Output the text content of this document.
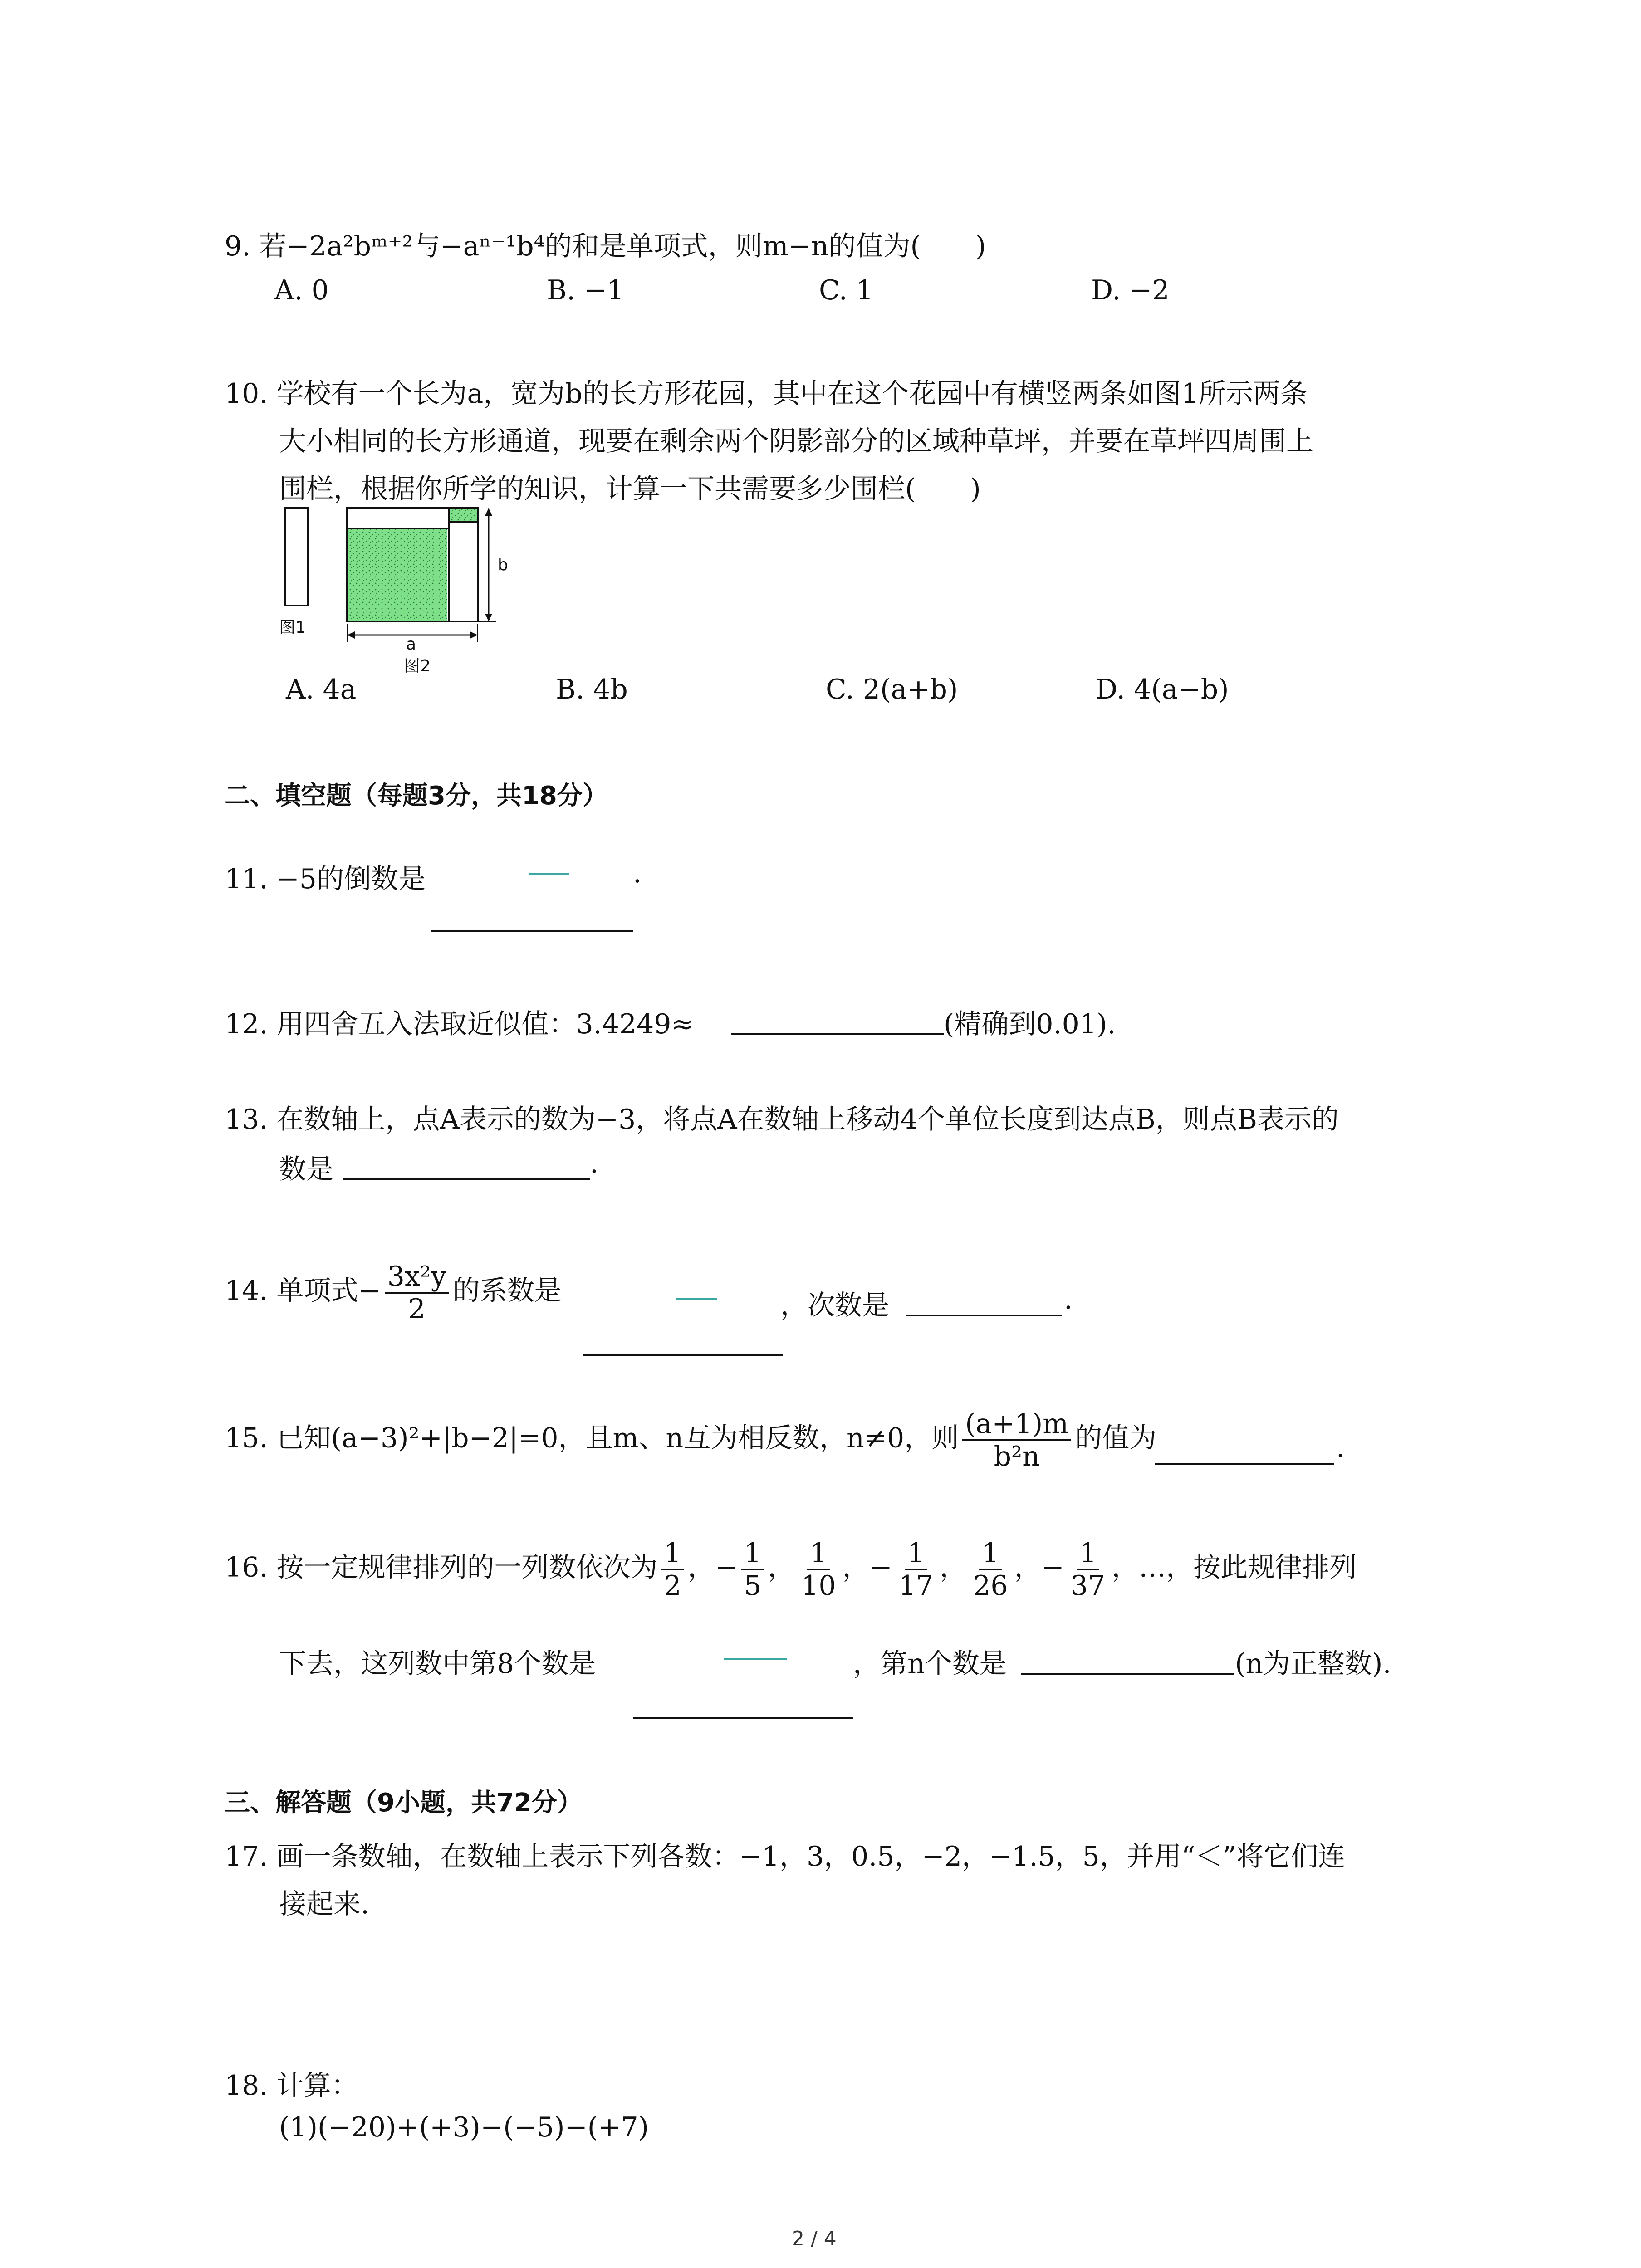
9. 若−2a²bᵐ⁺²与−aⁿ⁻¹b⁴的和是单项式，则m−n的值为(　　)
A. 0	B. −1	C. 1	D. −2
10. 学校有一个长为a，宽为b的长方形花园，其中在这个花园中有横竖两条如图1所示两条
大小相同的长方形通道，现要在剩余两个阴影部分的区域种草坪，并要在草坪四周围上
围栏，根据你所学的知识，计算一下共需要多少围栏(　　)
b
a
图1
图2
A. 4a	B. 4b	C. 2(a+b)	D. 4(a−b)
二、填空题（每题3分，共18分）
11. −5的倒数是	.
12. 用四舍五入法取近似值：3.4249≈	(精确到0.01).
13. 在数轴上，点A表示的数为−3，将点A在数轴上移动4个单位长度到达点B，则点B表示的
数是	.
14. 单项式− $\frac{\text{3x²y}}{2}$ 的系数是	，次数是	.
15. 已知(a−3)²+|b−2|=0，且m、n互为相反数，n≠0，则 $\frac{(a+1)m}{\text{b²n}}$ 的值为	.
16. 按一定规律排列的一列数依次为 $\frac{1}{2}$ ，− $\frac{1}{5}$ ， $\frac{1}{10}$ ，− $\frac{1}{17}$ ， $\frac{1}{26}$ ，− $\frac{1}{37}$ ，…，按此规律排列
下去，这列数中第8个数是	，第n个数是	(n为正整数).
三、解答题（9小题，共72分）
17. 画一条数轴，在数轴上表示下列各数：−1，3，0.5，−2，−1.5，5，并用“＜”将它们连
接起来.
18. 计算：
(1)(−20)+(+3)−(−5)−(+7)
2 / 4
